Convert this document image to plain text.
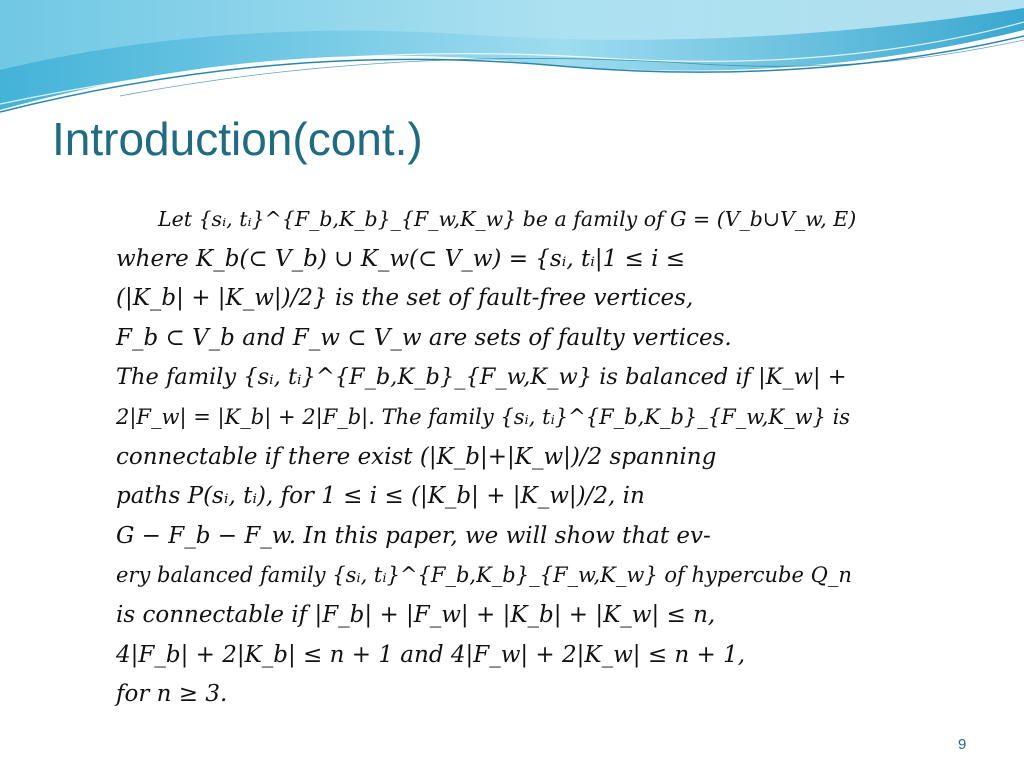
Introduction(cont.)
Let {sᵢ, tᵢ}^{F_b,K_b}_{F_w,K_w} be a family of G = (V_b∪V_w, E)
where K_b(⊂ V_b) ∪ K_w(⊂ V_w) = {sᵢ, tᵢ|1 ≤ i ≤
(|K_b| + |K_w|)/2} is the set of fault-free vertices,
F_b ⊂ V_b and F_w ⊂ V_w are sets of faulty vertices.
The family {sᵢ, tᵢ}^{F_b,K_b}_{F_w,K_w} is balanced if |K_w| +
2|F_w| = |K_b| + 2|F_b|. The family {sᵢ, tᵢ}^{F_b,K_b}_{F_w,K_w} is
connectable if there exist (|K_b|+|K_w|)/2 spanning
paths P(sᵢ, tᵢ), for 1 ≤ i ≤ (|K_b| + |K_w|)/2, in
G − F_b − F_w. In this paper, we will show that ev-
ery balanced family {sᵢ, tᵢ}^{F_b,K_b}_{F_w,K_w} of hypercube Q_n
is connectable if |F_b| + |F_w| + |K_b| + |K_w| ≤ n,
4|F_b| + 2|K_b| ≤ n + 1 and 4|F_w| + 2|K_w| ≤ n + 1,
for n ≥ 3.
9
